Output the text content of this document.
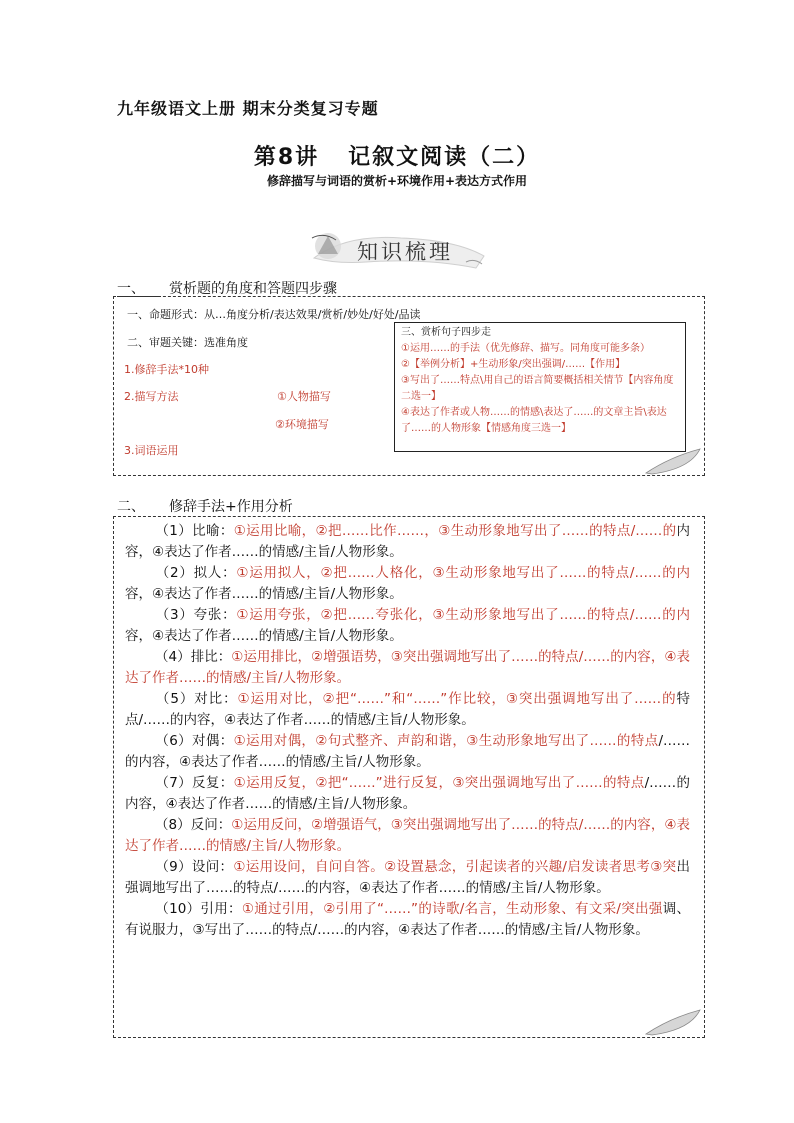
九年级语文上册 期末分类复习专题
第8讲   记叙文阅读（二）
修辞描写与词语的赏析+环境作用+表达方式作用
知识梳理
一、 赏析题的角度和答题四步骤
一、命题形式：从…角度分析/表达效果/赏析/妙处/好处/品读
二、审题关键：选准角度
1.修辞手法*10种
2.描写方法	①人物描写
②环境描写
3.词语运用
三、赏析句子四步走
①运用……的手法（优先修辞、描写。同角度可能多条）
②【举例分析】+生动形象/突出强调/……【作用】
③写出了……特点\用自己的语言简要概括相关情节【内容角度二选一】
④表达了作者或人物……的情感\表达了……的文章主旨\表达了……的人物形象【情感角度三选一】
二、 修辞手法+作用分析
（1）比喻：①运用比喻，②把……比作……，③生动形象地写出了……的特点/……的内容，④表达了作者……的情感/主旨/人物形象。
（2）拟人：①运用拟人，②把……人格化，③生动形象地写出了……的特点/……的内容，④表达了作者……的情感/主旨/人物形象。
（3）夸张：①运用夸张，②把……夸张化，③生动形象地写出了……的特点/……的内容，④表达了作者……的情感/主旨/人物形象。
（4）排比：①运用排比，②增强语势，③突出强调地写出了……的特点/……的内容，④表达了作者……的情感/主旨/人物形象。
（5）对比：①运用对比，②把“……”和“……”作比较，③突出强调地写出了……的特点/……的内容，④表达了作者……的情感/主旨/人物形象。
（6）对偶：①运用对偶，②句式整齐、声韵和谐，③生动形象地写出了……的特点/……的内容，④表达了作者……的情感/主旨/人物形象。
（7）反复：①运用反复，②把“……”进行反复，③突出强调地写出了……的特点/……的内容，④表达了作者……的情感/主旨/人物形象。
（8）反问：①运用反问，②增强语气，③突出强调地写出了……的特点/……的内容，④表达了作者……的情感/主旨/人物形象。
（9）设问：①运用设问，自问自答。②设置悬念，引起读者的兴趣/启发读者思考③突出强调地写出了……的特点/……的内容，④表达了作者……的情感/主旨/人物形象。
（10）引用：①通过引用，②引用了“……”的诗歌/名言，生动形象、有文采/突出强调、有说服力，③写出了……的特点/……的内容，④表达了作者……的情感/主旨/人物形象。
